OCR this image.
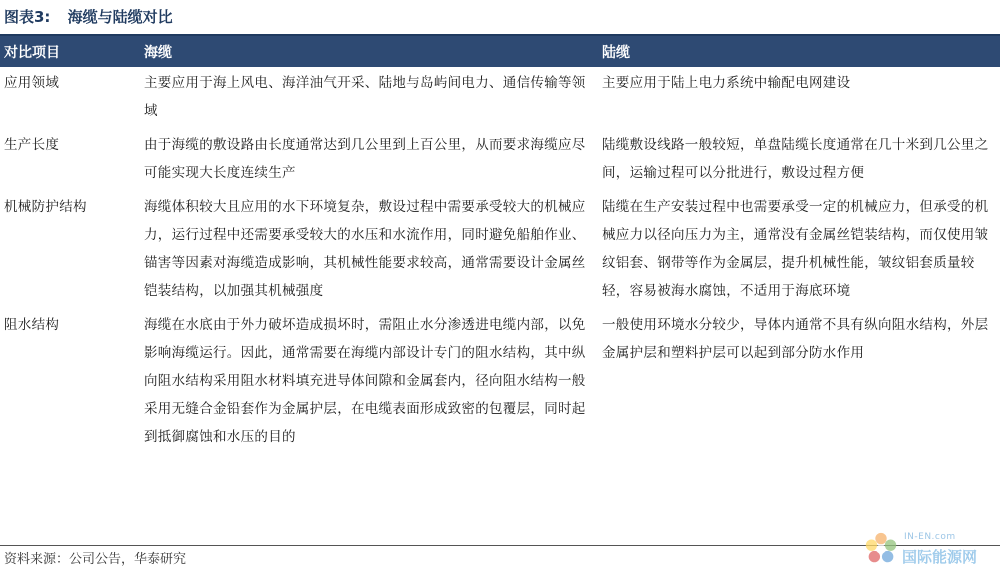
图表3: 海缆与陆缆对比
对比项目	海缆	陆缆
应用领域	主要应用于海上风电、海洋油气开采、陆地与岛屿间电力、通信传输等领域	主要应用于陆上电力系统中输配电网建设
生产长度	由于海缆的敷设路由长度通常达到几公里到上百公里，从而要求海缆应尽可能实现大长度连续生产	陆缆敷设线路一般较短，单盘陆缆长度通常在几十米到几公里之间，运输过程可以分批进行，敷设过程方便
机械防护结构	海缆体积较大且应用的水下环境复杂，敷设过程中需要承受较大的机械应力，运行过程中还需要承受较大的水压和水流作用，同时避免船舶作业、锚害等因素对海缆造成影响，其机械性能要求较高，通常需要设计金属丝铠装结构，以加强其机械强度	陆缆在生产安装过程中也需要承受一定的机械应力，但承受的机械应力以径向压力为主，通常没有金属丝铠装结构，而仅使用皱纹铝套、钢带等作为金属层，提升机械性能，皱纹铝套质量较轻，容易被海水腐蚀，不适用于海底环境
阻水结构	海缆在水底由于外力破坏造成损坏时，需阻止水分渗透进电缆内部，以免影响海缆运行。因此，通常需要在海缆内部设计专门的阻水结构，其中纵向阻水结构采用阻水材料填充进导体间隙和金属套内，径向阻水结构一般采用无缝合金铅套作为金属护层，在电缆表面形成致密的包覆层，同时起到抵御腐蚀和水压的目的	一般使用环境水分较少，导体内通常不具有纵向阻水结构，外层金属护层和塑料护层可以起到部分防水作用
资料来源：公司公告，华泰研究
IN-EN.com
国际能源网
